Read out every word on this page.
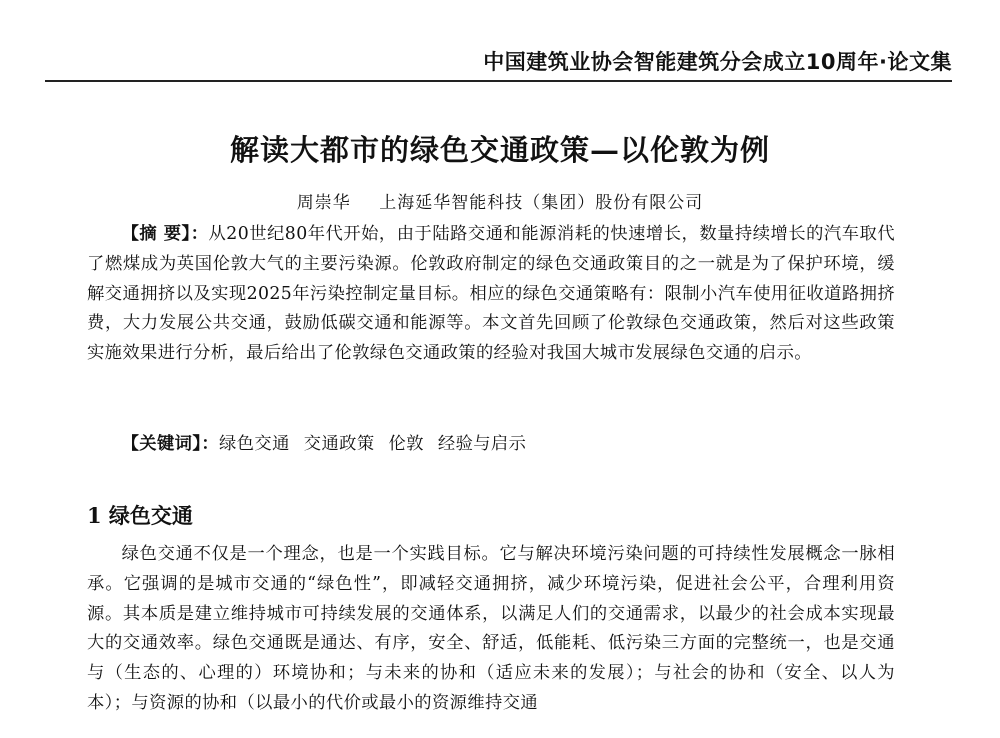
中国建筑业协会智能建筑分会成立10周年·论文集
解读大都市的绿色交通政策—以伦敦为例
周崇华 上海延华智能科技（集团）股份有限公司

【摘 要】：从20世纪80年代开始，由于陆路交通和能源消耗的快速增长，数量持续增长的汽车取代了燃煤成为英国伦敦大气的主要污染源。伦敦政府制定的绿色交通政策目的之一就是为了保护环境，缓解交通拥挤以及实现2025年污染控制定量目标。相应的绿色交通策略有：限制小汽车使用征收道路拥挤费，大力发展公共交通，鼓励低碳交通和能源等。本文首先回顾了伦敦绿色交通政策，然后对这些政策实施效果进行分析，最后给出了伦敦绿色交通政策的经验对我国大城市发展绿色交通的启示。

【关键词】：绿色交通 交通政策 伦敦 经验与启示

1 绿色交通

绿色交通不仅是一个理念，也是一个实践目标。它与解决环境污染问题的可持续性发展概念一脉相承。它强调的是城市交通的“绿色性”，即减轻交通拥挤，减少环境污染，促进社会公平，合理利用资源。其本质是建立维持城市可持续发展的交通体系，以满足人们的交通需求，以最少的社会成本实现最大的交通效率。绿色交通既是通达、有序，安全、舒适，低能耗、低污染三方面的完整统一，也是交通与（生态的、心理的）环境协和；与未来的协和（适应未来的发展）；与社会的协和（安全、以人为本）；与资源的协和（以最小的代价或最小的资源维持交通
